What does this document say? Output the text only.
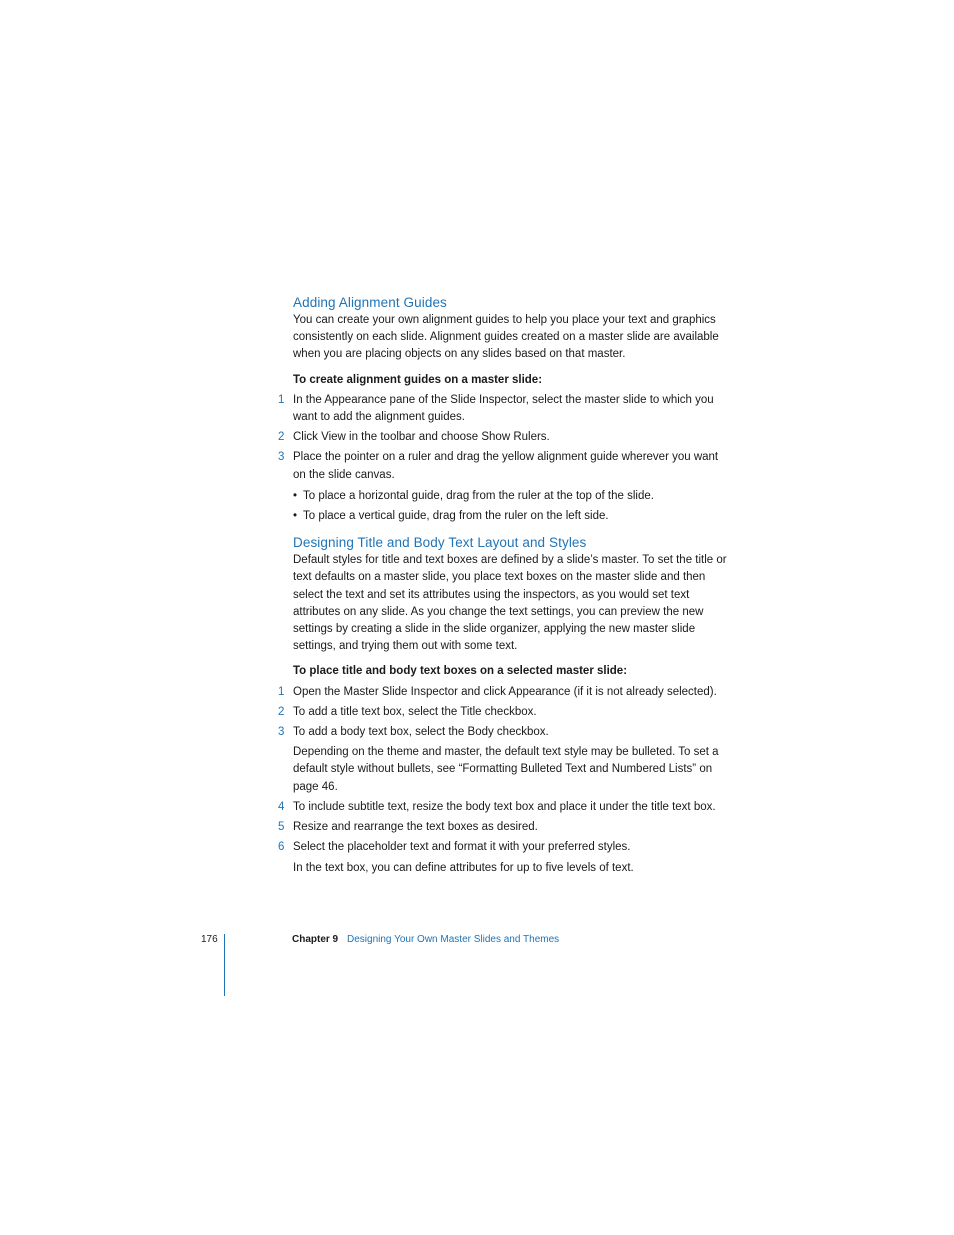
Adding Alignment Guides

You can create your own alignment guides to help you place your text and graphics consistently on each slide. Alignment guides created on a master slide are available when you are placing objects on any slides based on that master.

To create alignment guides on a master slide:

1 In the Appearance pane of the Slide Inspector, select the master slide to which you want to add the alignment guides.
2 Click View in the toolbar and choose Show Rulers.
3 Place the pointer on a ruler and drag the yellow alignment guide wherever you want on the slide canvas.
• To place a horizontal guide, drag from the ruler at the top of the slide.
• To place a vertical guide, drag from the ruler on the left side.
Designing Title and Body Text Layout and Styles

Default styles for title and text boxes are defined by a slide’s master. To set the title or text defaults on a master slide, you place text boxes on the master slide and then select the text and set its attributes using the inspectors, as you would set text attributes on any slide. As you change the text settings, you can preview the new settings by creating a slide in the slide organizer, applying the new master slide settings, and trying them out with some text.

To place title and body text boxes on a selected master slide:

1 Open the Master Slide Inspector and click Appearance (if it is not already selected).
2 To add a title text box, select the Title checkbox.
3 To add a body text box, select the Body checkbox.

Depending on the theme and master, the default text style may be bulleted. To set a default style without bullets, see “Formatting Bulleted Text and Numbered Lists” on page 46.

4 To include subtitle text, resize the body text box and place it under the title text box.
5 Resize and rearrange the text boxes as desired.
6 Select the placeholder text and format it with your preferred styles.

In the text box, you can define attributes for up to five levels of text.

176	Chapter 9 Designing Your Own Master Slides and Themes
